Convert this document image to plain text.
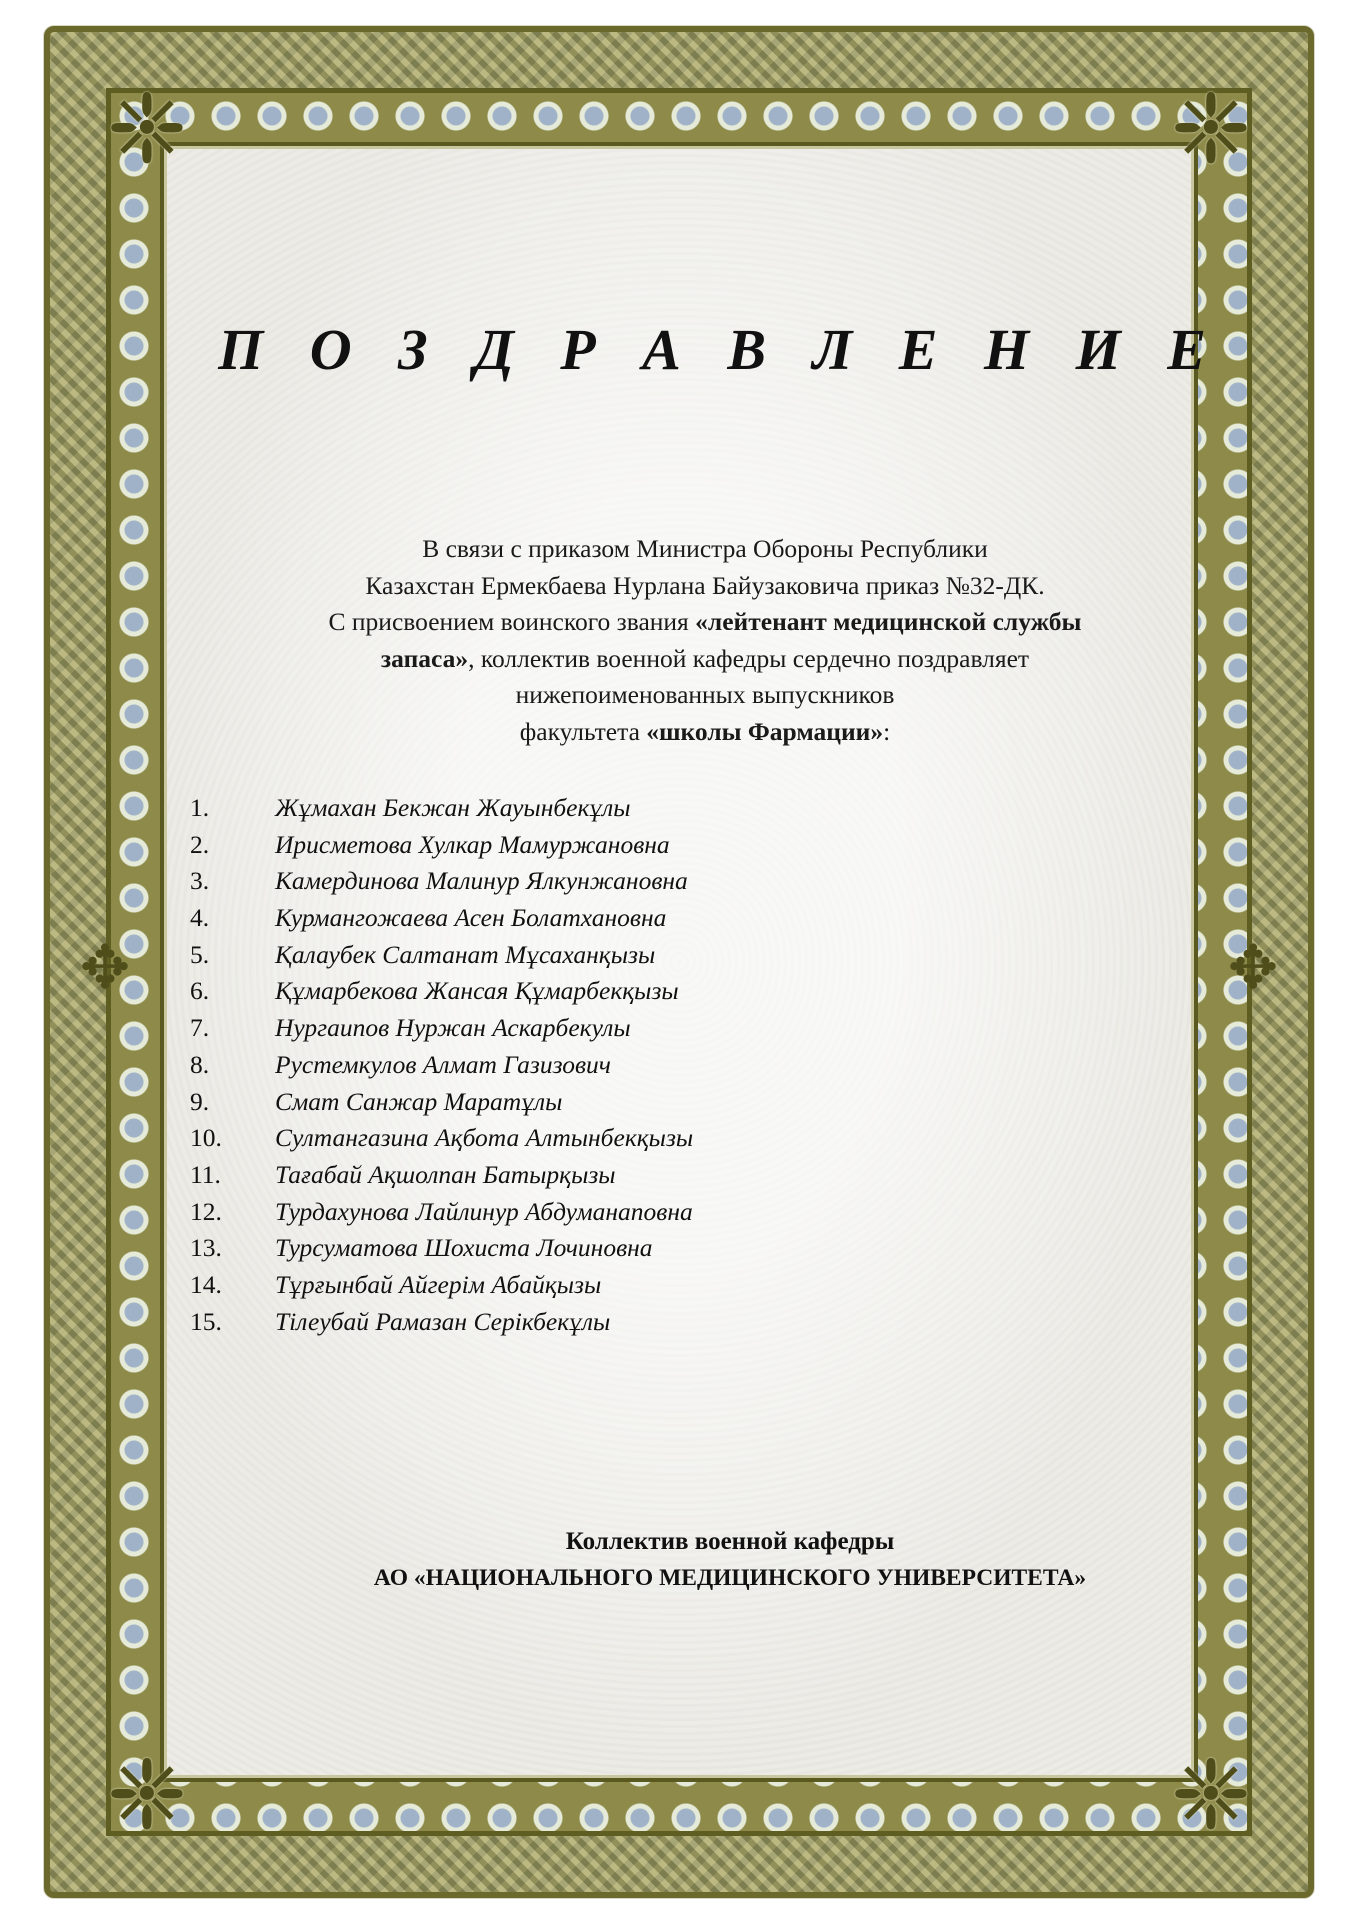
❈	❈
❈	❈
✥	✥
П О З Д Р А В Л Е Н И Е

В связи с приказом Министра Обороны Республики

Казахстан Ермекбаева Нурлана Байузаковича приказ №32-ДК.

С присвоением воинского звания «лейтенант медицинской службы

запаса», коллектив военной кафедры сердечно поздравляет

нижепоименованных выпускников

факультета «школы Фармации»:

1.	Жұмахан Бекжан Жауынбекұлы
2.	Ирисметова Хулкар Мамуржановна
3.	Камердинова Малинур Ялкунжановна
4.	Курмангожаева Асен Болатхановна
5.	Қалаубек Салтанат Мұсаханқызы
6.	Құмарбекова Жансая Құмарбекқызы
7.	Нургаипов Нуржан Аскарбекулы
8.	Рустемкулов Алмат Газизович
9.	Смат Санжар Маратұлы
10.	Султангазина Ақбота Алтынбекқызы
11.	Тағабай Ақшолпан Батырқызы
12.	Турдахунова Лайлинур Абдуманаповна
13.	Турсуматова Шохиста Лочиновна
14.	Тұрғынбай Айгерім Абайқызы
15.	Тілеубай Рамазан Серікбекұлы
Коллектив военной кафедры
АО «НАЦИОНАЛЬНОГО МЕДИЦИНСКОГО УНИВЕРСИТЕТА»
